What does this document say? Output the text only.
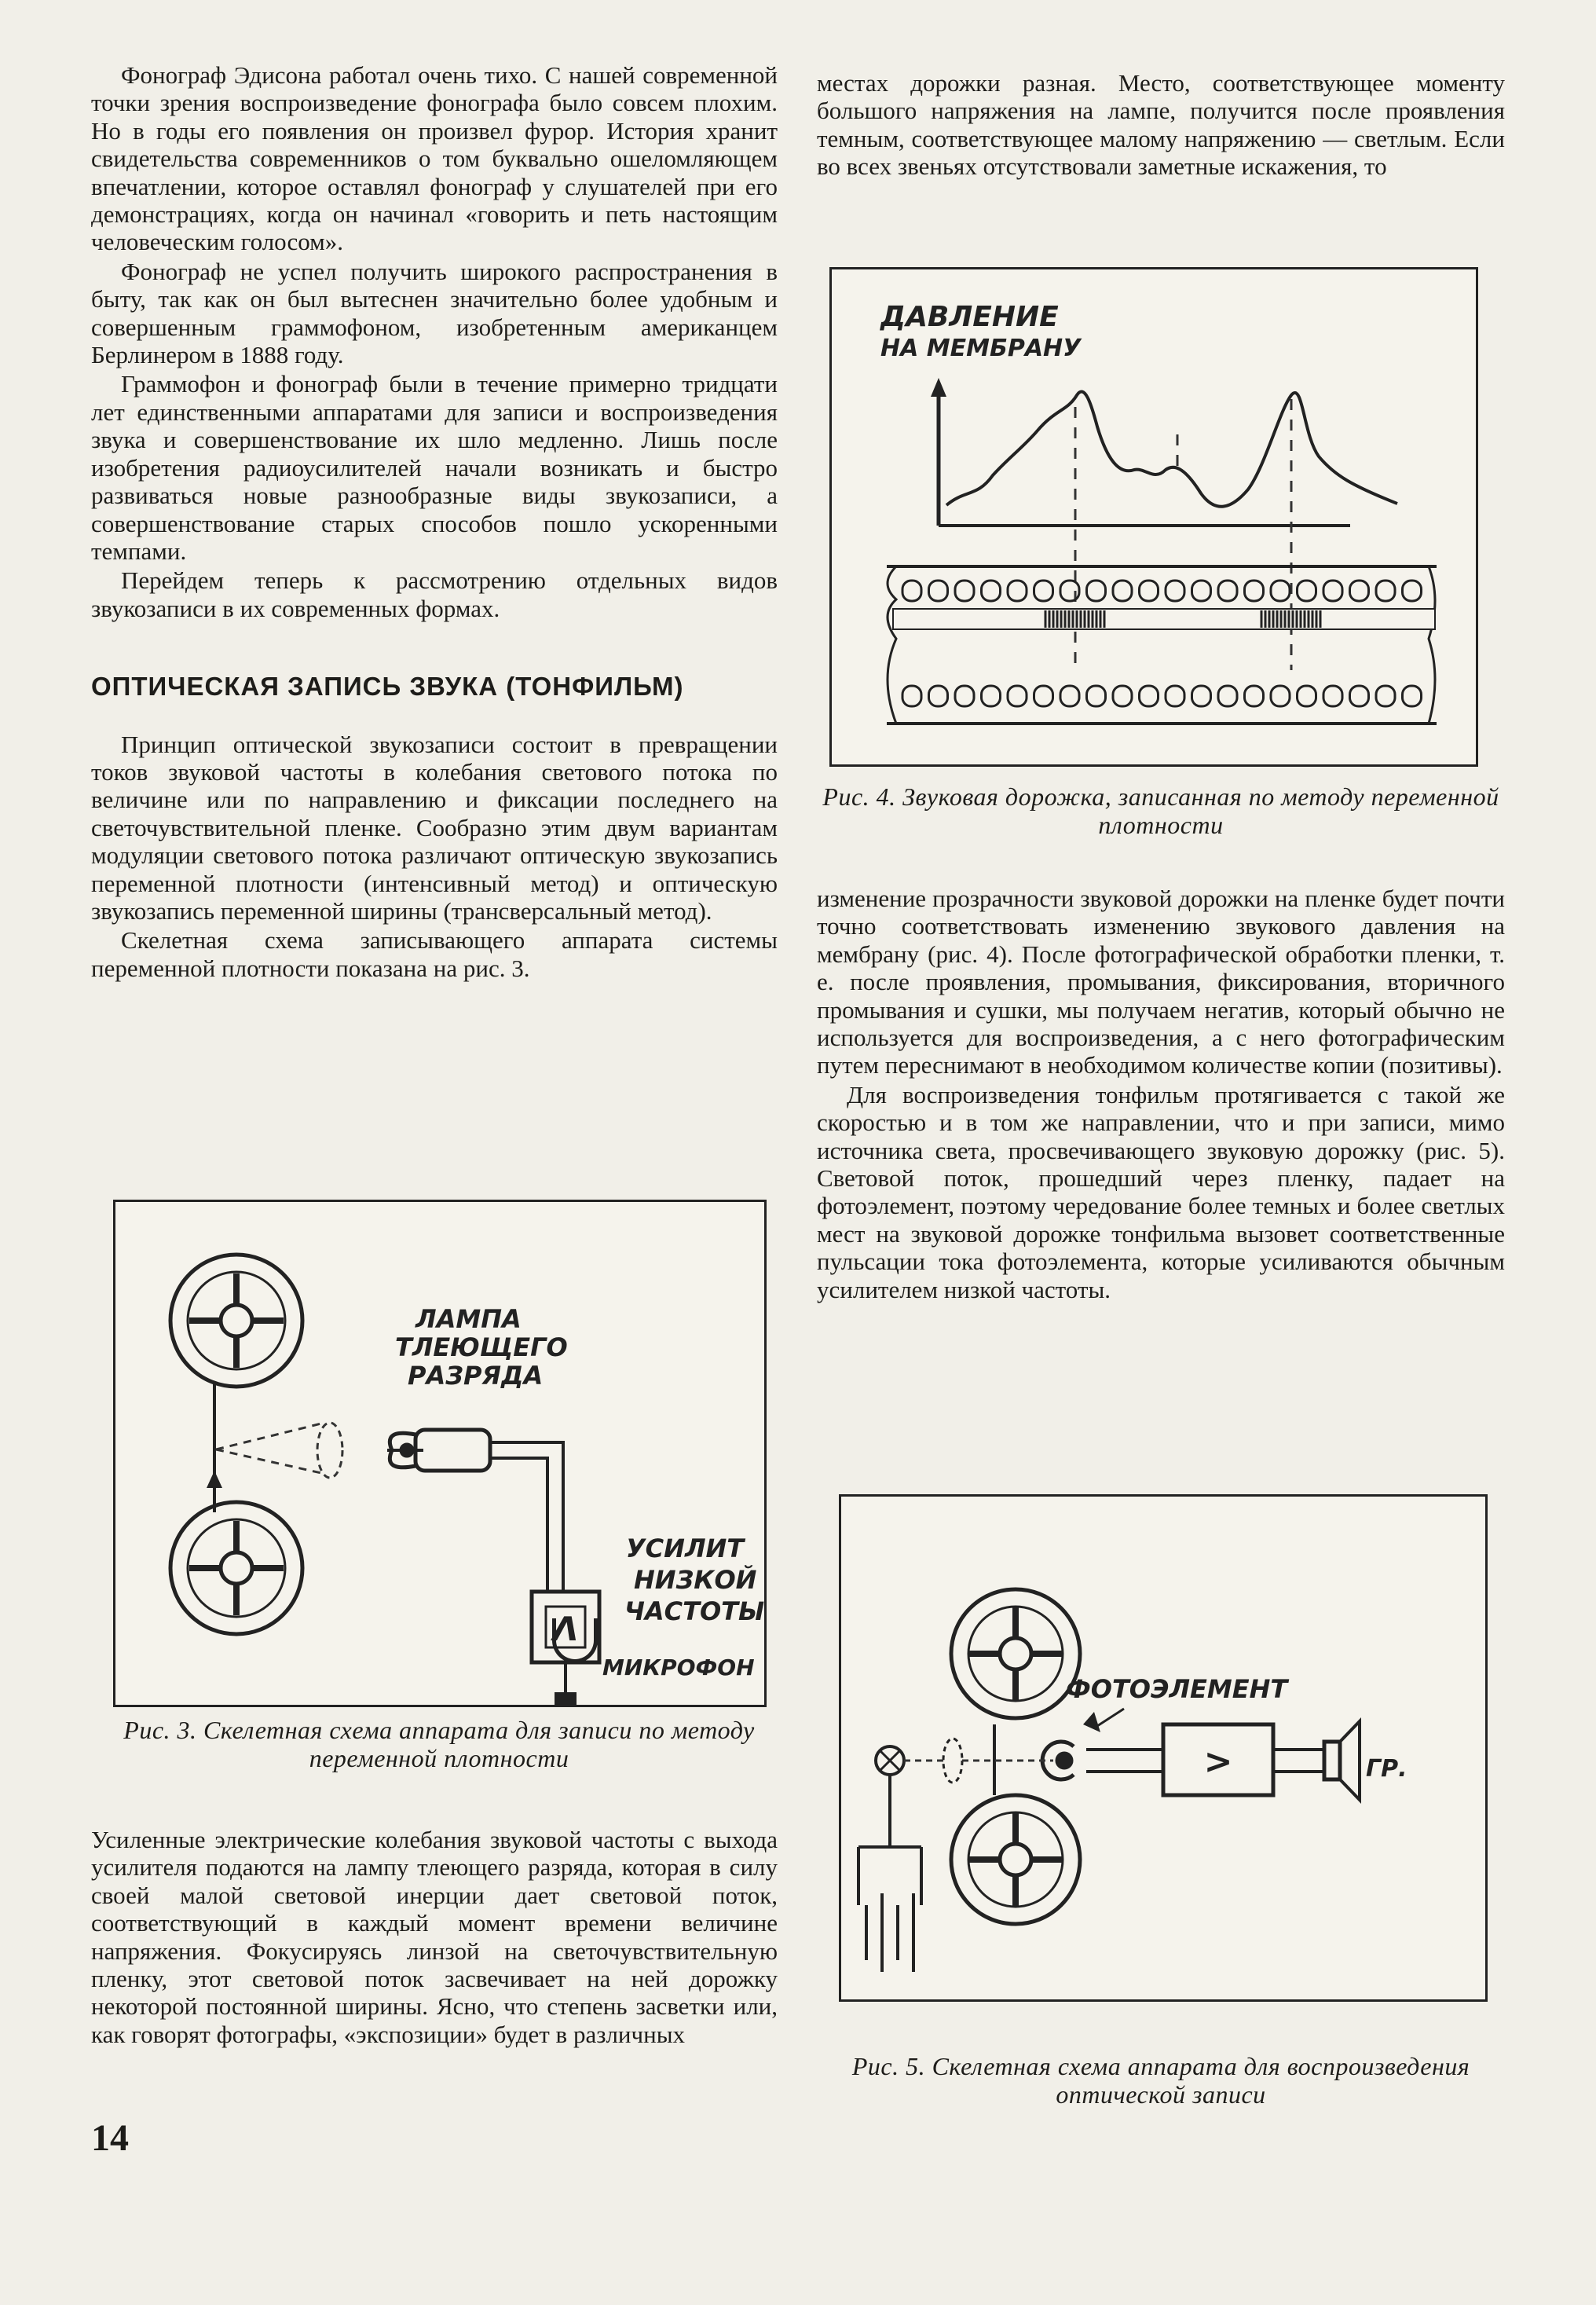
Фонограф Эдисона работал очень тихо. С нашей современной точки зрения воспроизведение фонографа было совсем плохим. Но в годы его появления он произвел фурор. История хранит свидетельства современников о том буквально ошеломляющем впечатлении, которое оставлял фонограф у слушателей при его демонстрациях, когда он начинал «говорить и петь настоящим человеческим голосом».

Фонограф не успел получить широкого распространения в быту, так как он был вытеснен значительно более удобным и совершенным граммофоном, изобретенным американцем Берлинером в 1888 году.

Граммофон и фонограф были в течение примерно тридцати лет единственными аппаратами для записи и воспроизведения звука и совершенствование их шло медленно. Лишь после изобретения радиоусилителей начали возникать и быстро развиваться новые разнообразные виды звукозаписи, а совершенствование старых способов пошло ускоренными темпами.

Перейдем теперь к рассмотрению отдельных видов звукозаписи в их современных формах.

ОПТИЧЕСКАЯ ЗАПИСЬ ЗВУКА (ТОНФИЛЬМ)

Принцип оптической звукозаписи состоит в превращении токов звуковой частоты в колебания светового потока по величине или по направлению и фиксации последнего на светочувствительной пленке. Сообразно этим двум вариантам модуляции светового потока различают оптическую звукозапись переменной плотности (интенсивный метод) и оптическую звукозапись переменной ширины (трансверсальный метод).

Скелетная схема записывающего аппарата системы переменной плотности показана на рис. 3.

Λ
ЛАМПА
ТЛЕЮЩЕГО
РАЗРЯДА
УСИЛИТ
НИЗКОЙ
ЧАСТОТЫ
МИКРОФОН
Рис. 3. Скелетная схема аппарата для записи по методу переменной плотности

Усиленные электрические колебания звуковой частоты с выхода усилителя подаются на лампу тлеющего разряда, которая в силу своей малой световой инерции дает световой поток, соответствующий в каждый момент времени величине напряжения. Фокусируясь линзой на светочувствительную пленку, этот световой поток засвечивает на ней дорожку некоторой постоянной ширины. Ясно, что степень засветки или, как говорят фотографы, «экспозиции» будет в различных

местах дорожки разная. Место, соответствующее моменту большого напряжения на лампе, получится после проявления темным, соответствующее малому напряжению — светлым. Если во всех звеньях отсутствовали заметные искажения, то

ДАВЛЕНИЕ
НА МЕМБРАНУ
Рис. 4. Звуковая дорожка, записанная по методу переменной плотности

изменение прозрачности звуковой дорожки на пленке будет почти точно соответствовать изменению звукового давления на мембрану (рис. 4). После фотографической обработки пленки, т. е. после проявления, промывания, фиксирования, вторичного промывания и сушки, мы получаем негатив, который обычно не используется для воспроизведения, а с него фотографическим путем переснимают в необходимом количестве копии (позитивы).

Для воспроизведения тонфильм протягивается с такой же скоростью и в том же направлении, что и при записи, мимо источника света, просвечивающего звуковую дорожку (рис. 5). Световой поток, прошедший через пленку, падает на фотоэлемент, поэтому чередование более темных и более светлых мест на звуковой дорожке тонфильма вызовет соответственные пульсации тока фотоэлемента, которые усиливаются обычным усилителем низкой частоты.

>
ФОТОЭЛЕМЕНТ
ГР.
Рис. 5. Скелетная схема аппарата для воспроизведения оптической записи
14
